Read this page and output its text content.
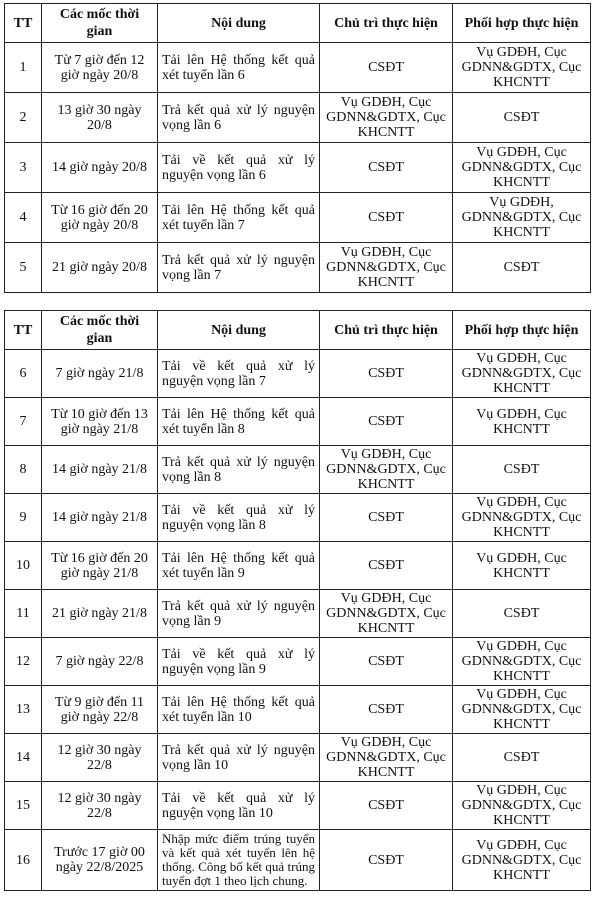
TT	Các mốc thời gian	Nội dung	Chủ trì thực hiện	Phối hợp thực hiện
1	Từ 7 giờ đến 12 giờ ngày 20/8	Tải lên Hệ thống kết quả xét tuyển lần 6	CSĐT	Vụ GDĐH, Cục GDNN&GDTX, Cục KHCNTT
2	13 giờ 30 ngày 20/8	Trả kết quả xử lý nguyện vọng lần 6	Vụ GDĐH, Cục GDNN&GDTX, Cục KHCNTT	CSĐT
3	14 giờ ngày 20/8	Tải về kết quả xử lý nguyện vọng lần 6	CSĐT	Vụ GDĐH, Cục GDNN&GDTX, Cục KHCNTT
4	Từ 16 giờ đến 20 giờ ngày 20/8	Tải lên Hệ thống kết quả xét tuyển lần 7	CSĐT	Vụ GDĐH, GDNN&GDTX, Cục KHCNTT
5	21 giờ ngày 20/8	Trả kết quả xử lý nguyện vọng lần 7	Vụ GDĐH, Cục GDNN&GDTX, Cục KHCNTT	CSĐT
TT	Các mốc thời gian	Nội dung	Chủ trì thực hiện	Phối hợp thực hiện
6	7 giờ ngày 21/8	Tải về kết quả xử lý nguyện vọng lần 7	CSĐT	Vụ GDĐH, Cục GDNN&GDTX, Cục KHCNTT
7	Từ 10 giờ đến 13 giờ ngày 21/8	Tải lên Hệ thống kết quả xét tuyển lần 8	CSĐT	Vụ GDĐH, Cục KHCNTT
8	14 giờ ngày 21/8	Trả kết quả xử lý nguyện vọng lần 8	Vụ GDĐH, Cục GDNN&GDTX, Cục KHCNTT	CSĐT
9	14 giờ ngày 21/8	Tải về kết quả xử lý nguyện vọng lần 8	CSĐT	Vụ GDĐH, Cục GDNN&GDTX, Cục KHCNTT
10	Từ 16 giờ đến 20 giờ ngày 21/8	Tải lên Hệ thống kết quả xét tuyển lần 9	CSĐT	Vụ GDĐH, Cục KHCNTT
11	21 giờ ngày 21/8	Trả kết quả xử lý nguyện vọng lần 9	Vụ GDĐH, Cục GDNN&GDTX, Cục KHCNTT	CSĐT
12	7 giờ ngày 22/8	Tải về kết quả xử lý nguyện vọng lần 9	CSĐT	Vụ GDĐH, Cục GDNN&GDTX, Cục KHCNTT
13	Từ 9 giờ đến 11 giờ ngày 22/8	Tải lên Hệ thống kết quả xét tuyển lần 10	CSĐT	Vụ GDĐH, Cục GDNN&GDTX, Cục KHCNTT
14	12 giờ 30 ngày 22/8	Trả kết quả xử lý nguyện vọng lần 10	Vụ GDĐH, Cục GDNN&GDTX, Cục KHCNTT	CSĐT
15	12 giờ 30 ngày 22/8	Tải về kết quả xử lý nguyện vọng lần 10	CSĐT	Vụ GDĐH, Cục GDNN&GDTX, Cục KHCNTT
16	Trước 17 giờ 00 ngày 22/8/2025	Nhập mức điểm trúng tuyển và kết quả xét tuyển lên hệ thống. Công bố kết quả trúng tuyển đợt 1 theo lịch chung.	CSĐT	Vụ GDĐH, Cục GDNN&GDTX, Cục KHCNTT
